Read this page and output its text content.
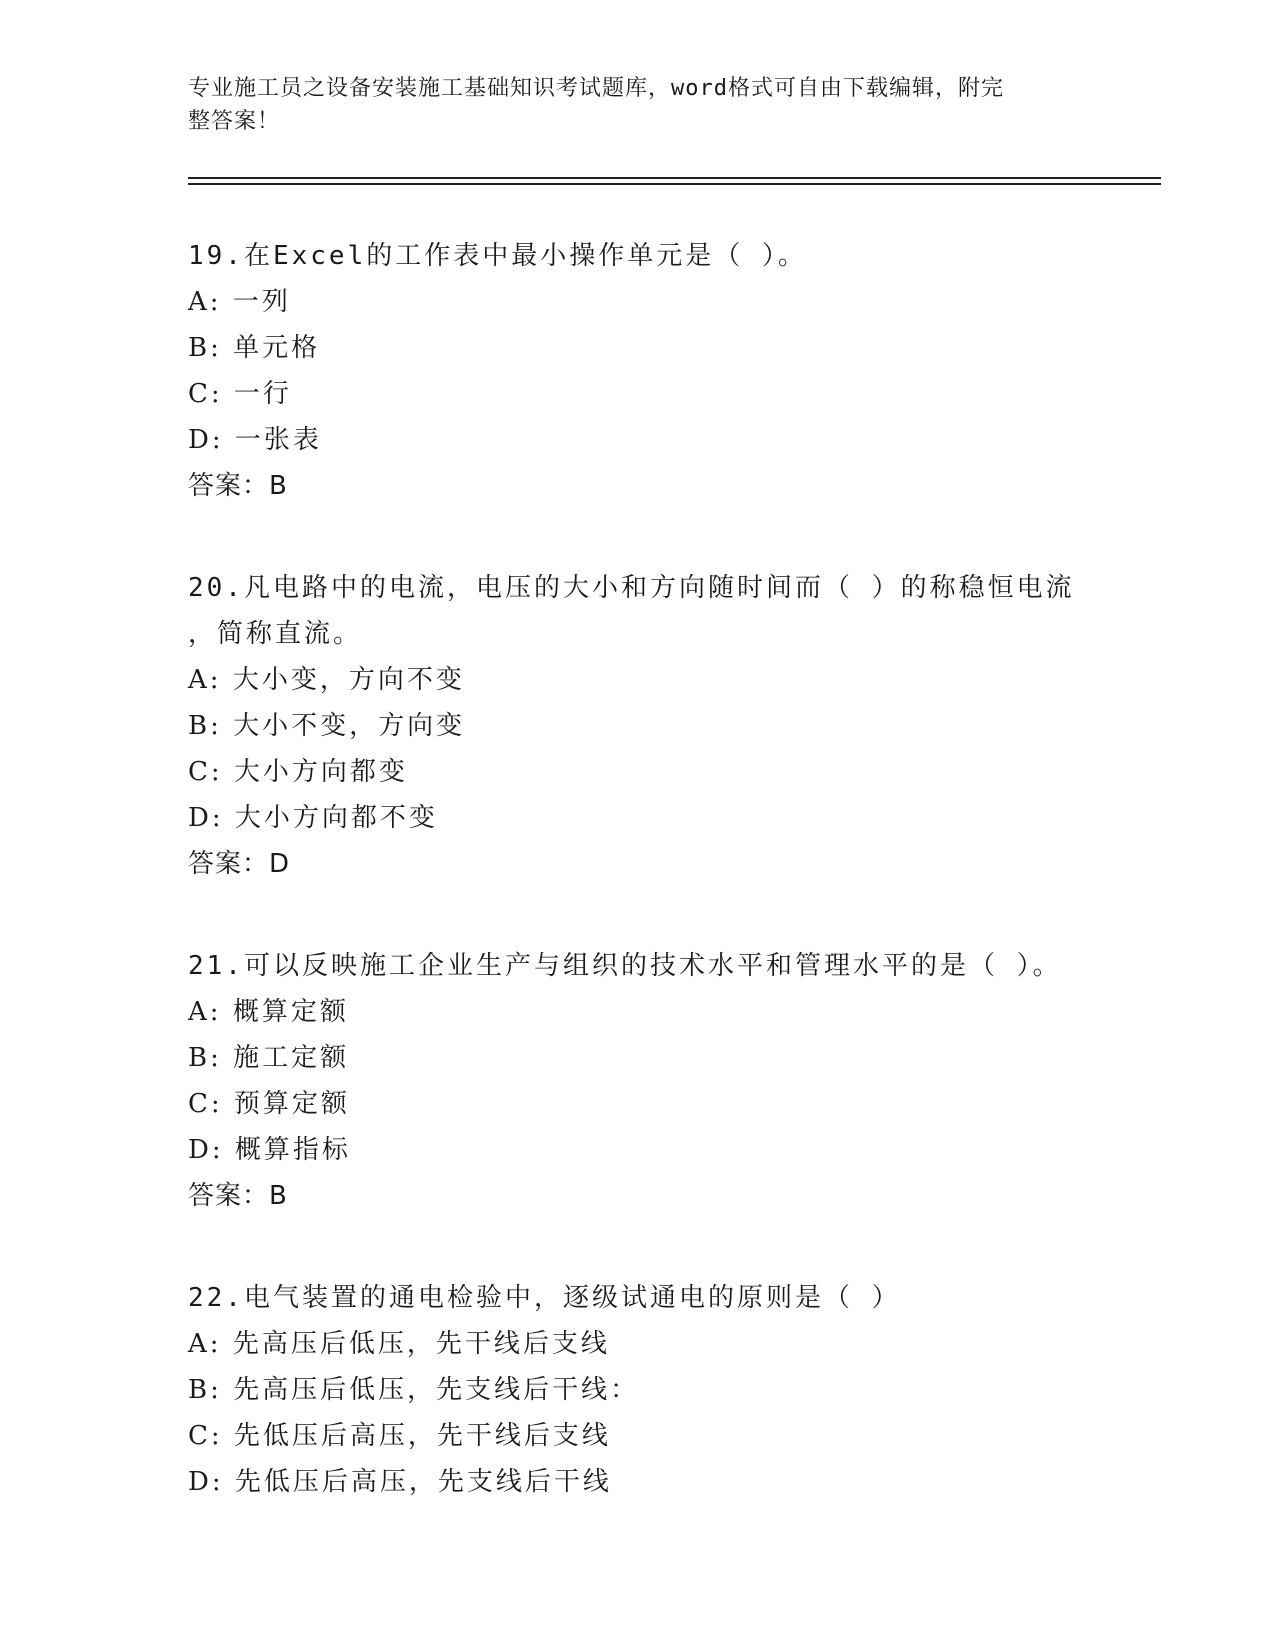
专业施工员之设备安装施工基础知识考试题库，word格式可自由下载编辑，附完
整答案！
19.在Excel的工作表中最小操作单元是（ ）。
A: 一列
B: 单元格
C: 一行
D: 一张表
答案：B
20.凡电路中的电流，电压的大小和方向随时间而（ ）的称稳恒电流
，简称直流。
A: 大小变，方向不变
B: 大小不变，方向变
C: 大小方向都变
D: 大小方向都不变
答案：D
21.可以反映施工企业生产与组织的技术水平和管理水平的是（ ）。
A: 概算定额
B: 施工定额
C: 预算定额
D: 概算指标
答案：B
22.电气装置的通电检验中，逐级试通电的原则是（ ）
A: 先高压后低压，先干线后支线
B: 先高压后低压，先支线后干线：
C: 先低压后高压，先干线后支线
D: 先低压后高压，先支线后干线
